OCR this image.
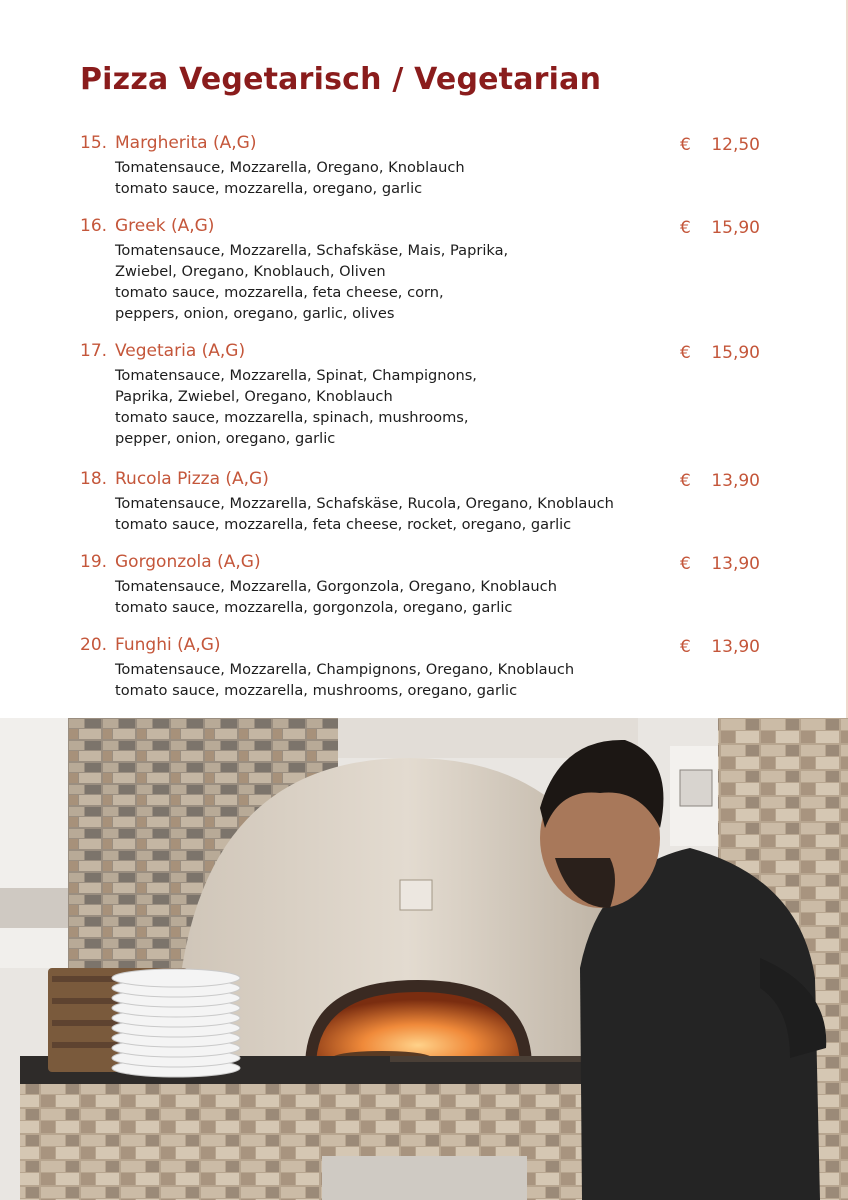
Pizza Vegetarisch / Vegetarian
15. Margherita (A,G)	€ 12,50
Tomatensauce, Mozzarella, Oregano, Knoblauch
tomato sauce, mozzarella, oregano, garlic
16. Greek (A,G)	€ 15,90
Tomatensauce, Mozzarella, Schafskäse, Mais, Paprika,
Zwiebel, Oregano, Knoblauch, Oliven
tomato sauce, mozzarella, feta cheese, corn,
peppers, onion, oregano, garlic, olives
17. Vegetaria (A,G)	€ 15,90
Tomatensauce, Mozzarella, Spinat, Champignons,
Paprika, Zwiebel, Oregano, Knoblauch
tomato sauce, mozzarella, spinach, mushrooms,
pepper, onion, oregano, garlic
18. Rucola Pizza (A,G)	€ 13,90
Tomatensauce, Mozzarella, Schafskäse, Rucola, Oregano, Knoblauch
tomato sauce, mozzarella, feta cheese, rocket, oregano, garlic
19. Gorgonzola (A,G)	€ 13,90
Tomatensauce, Mozzarella, Gorgonzola, Oregano, Knoblauch
tomato sauce, mozzarella, gorgonzola, oregano, garlic
20. Funghi (A,G)	€ 13,90
Tomatensauce, Mozzarella, Champignons, Oregano, Knoblauch
tomato sauce, mozzarella, mushrooms, oregano, garlic
